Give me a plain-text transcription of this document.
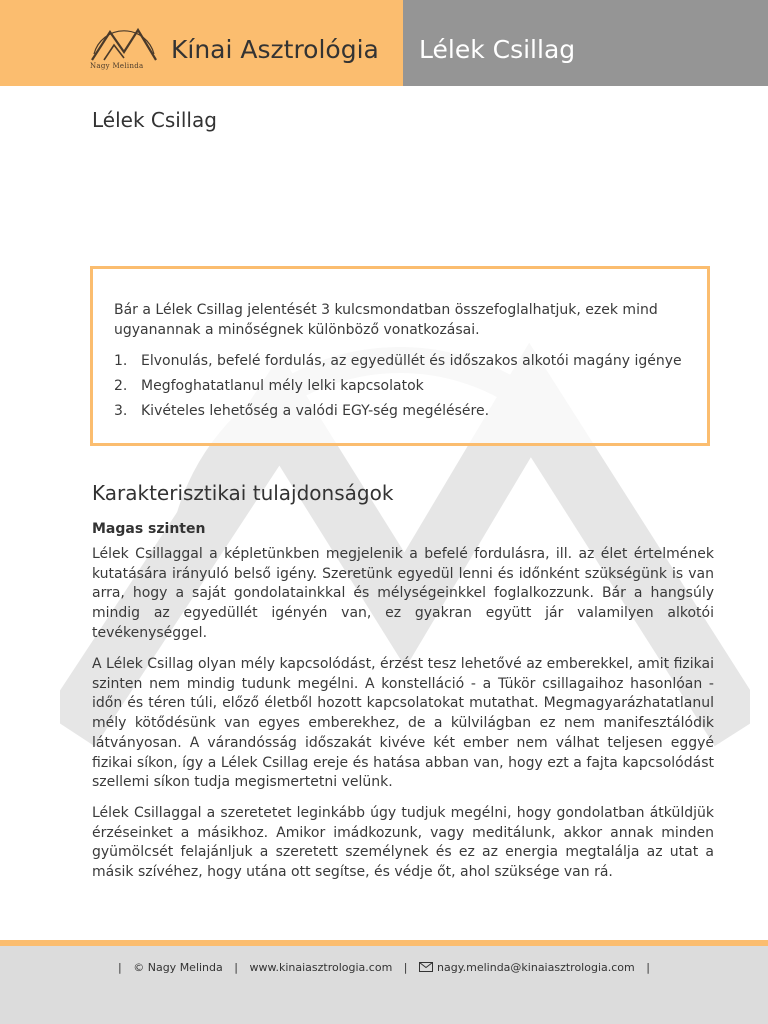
Nagy Melinda
Kínai Asztrológia Lélek Csillag
Lélek Csillag
Bár a Lélek Csillag jelentését 3 kulcsmondatban összefoglalhatjuk, ezek mind ugyanannak a minőségnek különböző vonatkozásai.
1. Elvonulás, befelé fordulás, az egyedüllét és időszakos alkotói magány igénye
2. Megfoghatatlanul mély lelki kapcsolatok
3. Kivételes lehetőség a valódi EGY-ség megélésére.
Karakterisztikai tulajdonságok
Magas szinten
Lélek Csillaggal a képletünkben megjelenik a befelé fordulásra, ill. az élet értelmének kutatására irányuló belső igény. Szeretünk egyedül lenni és időnként szükségünk is van arra, hogy a saját gondolatainkkal és mélységeinkkel foglalkozzunk. Bár a hangsúly mindig az egyedüllét igényén van, ez gyakran együtt jár valamilyen alkotói tevékenységgel.
A Lélek Csillag olyan mély kapcsolódást, érzést tesz lehetővé az emberekkel, amit fizikai szinten nem mindig tudunk megélni. A konstelláció - a Tükör csillagaihoz hasonlóan - időn és téren túli, előző életből hozott kapcsolatokat mutathat. Megmagyarázhatatlanul mély kötődésünk van egyes emberekhez, de a külvilágban ez nem manifesztálódik látványosan. A várandósság időszakát kivéve két ember nem válhat teljesen eggyé fizikai síkon, így a Lélek Csillag ereje és hatása abban van, hogy ezt a fajta kapcsolódást szellemi síkon tudja megismertetni velünk.
Lélek Csillaggal a szeretetet leginkább úgy tudjuk megélni, hogy gondolatban átküldjük érzéseinket a másikhoz. Amikor imádkozunk, vagy meditálunk, akkor annak minden gyümölcsét felajánljuk a szeretett személynek és ez az energia megtalálja az utat a másik szívéhez, hogy utána ott segítse, és védje őt, ahol szüksége van rá.
| © Nagy Melinda | www.kinaiasztrologia.com |	nagy.melinda@kinaiasztrologia.com |
